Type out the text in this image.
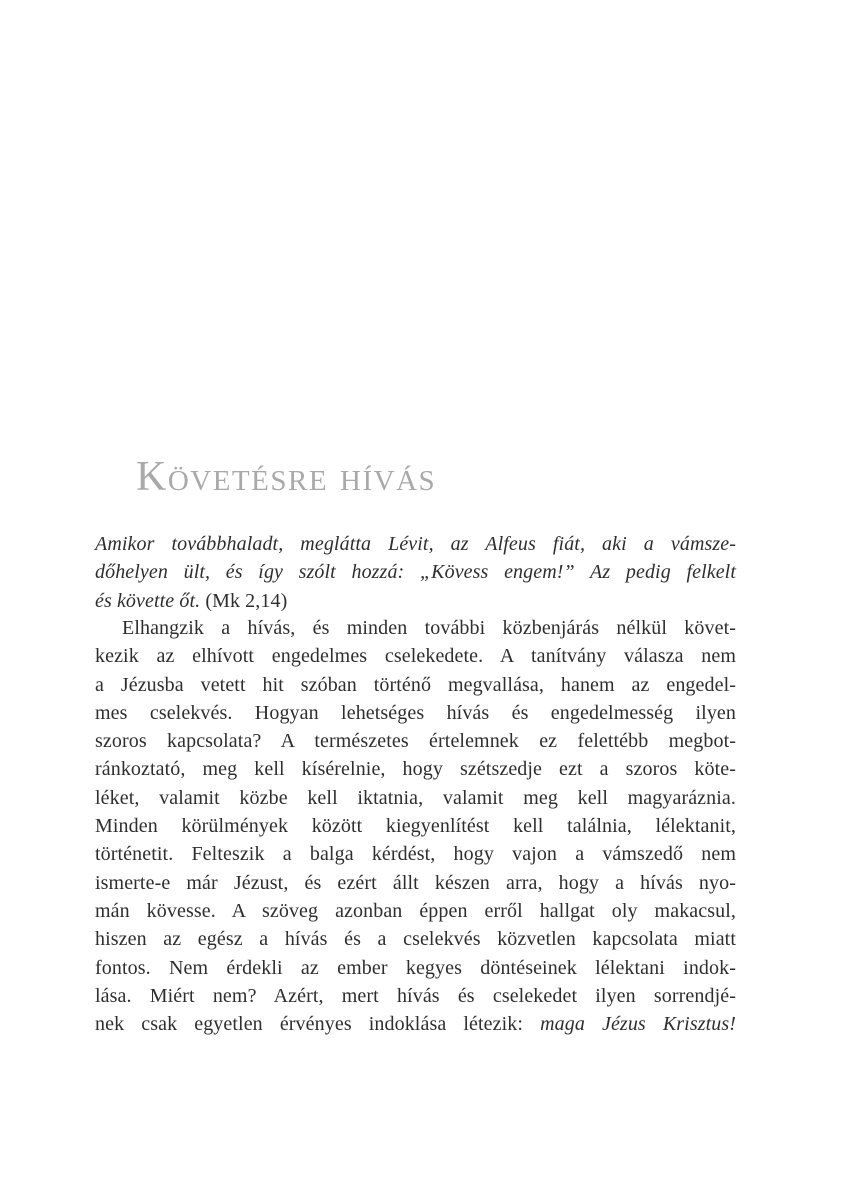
Követésre hívás
Amikor továbbhaladt, meglátta Lévit, az Alfeus fiát, aki a vámsze-
dőhelyen ült, és így szólt hozzá: „Kövess engem!” Az pedig felkelt
és követte őt. (Mk 2,14)
Elhangzik a hívás, és minden további közbenjárás nélkül követ-
kezik az elhívott engedelmes cselekedete. A tanítvány válasza nem
a Jézusba vetett hit szóban történő megvallása, hanem az engedel-
mes cselekvés. Hogyan lehetséges hívás és engedelmesség ilyen
szoros kapcsolata? A természetes értelemnek ez felettébb megbot-
ránkoztató, meg kell kísérelnie, hogy szétszedje ezt a szoros köte-
léket, valamit közbe kell iktatnia, valamit meg kell magyaráznia.
Minden körülmények között kiegyenlítést kell találnia, lélektanit,
történetit. Felteszik a balga kérdést, hogy vajon a vámszedő nem
ismerte-e már Jézust, és ezért állt készen arra, hogy a hívás nyo-
mán kövesse. A szöveg azonban éppen erről hallgat oly makacsul,
hiszen az egész a hívás és a cselekvés közvetlen kapcsolata miatt
fontos. Nem érdekli az ember kegyes döntéseinek lélektani indok-
lása. Miért nem? Azért, mert hívás és cselekedet ilyen sorrendjé-
nek csak egyetlen érvényes indoklása létezik: maga Jézus Krisztus!
